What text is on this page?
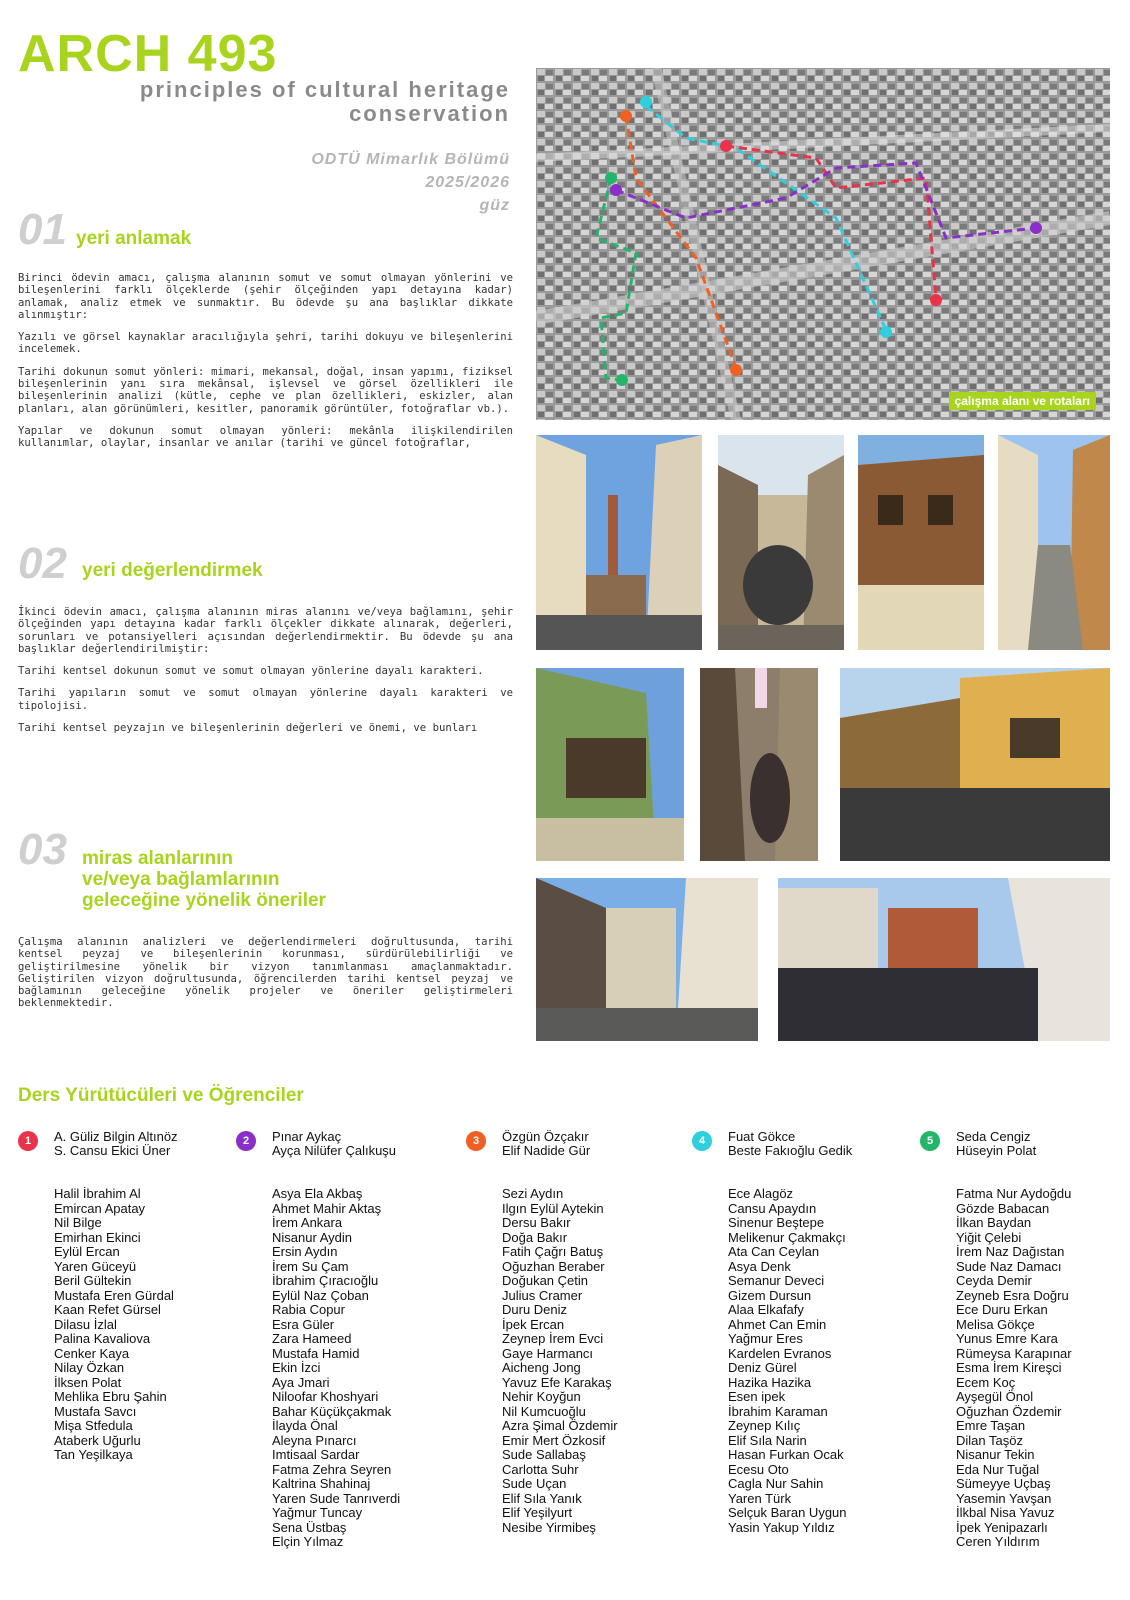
ARCH 493
principles of cultural heritage
conservation
ODTÜ Mimarlık Bölümü
2025/2026
güz
01 yeri anlamak

Birinci ödevin amacı, çalışma alanının somut ve somut olmayan yönlerini ve bileşenlerini farklı ölçeklerde (şehir ölçeğinden yapı detayına kadar) anlamak, analiz etmek ve sunmaktır. Bu ödevde şu ana başlıklar dikkate alınmıştır:

Yazılı ve görsel kaynaklar aracılığıyla şehri, tarihi dokuyu ve bileşenlerini incelemek.

Tarihi dokunun somut yönleri: mimari, mekansal, doğal, insan yapımı, fiziksel bileşenlerinin yanı sıra mekânsal, işlevsel ve görsel özellikleri ile bileşenlerinin analizi (kütle, cephe ve plan özellikleri, eskizler, alan planları, alan görünümleri, kesitler, panoramik görüntüler, fotoğraflar vb.).

Yapılar ve dokunun somut olmayan yönleri: mekânla ilişkilendirilen kullanımlar, olaylar, insanlar ve anılar (tarihi ve güncel fotoğraflar,

02 yeri değerlendirmek

İkinci ödevin amacı, çalışma alanının miras alanını ve/veya bağlamını, şehir ölçeğinden yapı detayına kadar farklı ölçekler dikkate alınarak, değerleri, sorunları ve potansiyelleri açısından değerlendirmektir. Bu ödevde şu ana başlıklar değerlendirilmiştir:

Tarihi kentsel dokunun somut ve somut olmayan yönlerine dayalı karakteri.

Tarihi yapıların somut ve somut olmayan yönlerine dayalı karakteri ve tipolojisi.

Tarihi kentsel peyzajın ve bileşenlerinin değerleri ve önemi, ve bunları

03 miras alanlarının
ve/veya bağlamlarının
geleceğine yönelik öneriler

Çalışma alanının analizleri ve değerlendirmeleri doğrultusunda, tarihi kentsel peyzaj ve bileşenlerinin korunması, sürdürülebilirliği ve geliştirilmesine yönelik bir vizyon tanımlanması amaçlanmaktadır. Geliştirilen vizyon doğrultusunda, öğrencilerden tarihi kentsel peyzaj ve bağlamının geleceğine yönelik projeler ve öneriler geliştirmeleri beklenmektedir.

çalışma alanı ve rotaları
Ders Yürütücüleri ve Öğrenciler
1	A. Güliz Bilgin Altınöz
S. Cansu Ekici Üner
Halil İbrahim Al
Emircan Apatay
Nil Bilge
Emirhan Ekinci
Eylül Ercan
Yaren Güceyü
Beril Gültekin
Mustafa Eren Gürdal
Kaan Refet Gürsel
Dilasu İzlal
Palina Kavaliova
Cenker Kaya
Nilay Özkan
İlksen Polat
Mehlika Ebru Şahin
Mustafa Savcı
Mişa Stfedula
Ataberk Uğurlu
Tan Yeşilkaya
2	Pınar Aykaç
Ayça Nilüfer Çalıkuşu
Asya Ela Akbaş
Ahmet Mahir Aktaş
İrem Ankara
Nisanur Aydin
Ersin Aydın
İrem Su Çam
İbrahim Çıracıoğlu
Eylül Naz Çoban
Rabia Copur
Esra Güler
Zara Hameed
Mustafa Hamid
Ekin İzci
Aya Jmari
Niloofar Khoshyari
Bahar Küçükçakmak
İlayda Önal
Aleyna Pınarcı
Imtisaal Sardar
Fatma Zehra Seyren
Kaltrina Shahinaj
Yaren Sude Tanrıverdi
Yağmur Tuncay
Sena Üstbaş
Elçin Yılmaz
3	Özgün Özçakır
Elif Nadide Gür
Sezi Aydın
Ilgın Eylül Aytekin
Dersu Bakır
Doğa Bakır
Fatih Çağrı Batuş
Oğuzhan Beraber
Doğukan Çetin
Julius Cramer
Duru Deniz
İpek Ercan
Zeynep İrem Evci
Gaye Harmancı
Aicheng Jong
Yavuz Efe Karakaş
Nehir Koyğun
Nil Kumcuoğlu
Azra Şimal Özdemir
Emir Mert Özkosif
Sude Sallabaş
Carlotta Suhr
Sude Uçan
Elif Sıla Yanık
Elif Yeşilyurt
Nesibe Yirmibeş
4	Fuat Gökce
Beste Fakıoğlu Gedik
Ece Alagöz
Cansu Apaydın
Sinenur Beştepe
Melikenur Çakmakçı
Ata Can Ceylan
Asya Denk
Semanur Deveci
Gizem Dursun
Alaa Elkafafy
Ahmet Can Emin
Yağmur Eres
Kardelen Evranos
Deniz Gürel
Hazika Hazika
Esen ipek
İbrahim Karaman
Zeynep Kılıç
Elif Sıla Narin
Hasan Furkan Ocak
Ecesu Oto
Cagla Nur Sahin
Yaren Türk
Selçuk Baran Uygun
Yasin Yakup Yıldız
5	Seda Cengiz
Hüseyin Polat
Fatma Nur Aydoğdu
Gözde Babacan
İlkan Baydan
Yiğit Çelebi
İrem Naz Dağıstan
Sude Naz Damacı
Ceyda Demir
Zeyneb Esra Doğru
Ece Duru Erkan
Melisa Gökçe
Yunus Emre Kara
Rümeysa Karapınar
Esma İrem Kireşci
Ecem Koç
Ayşegül Önol
Oğuzhan Özdemir
Emre Taşan
Dilan Taşöz
Nisanur Tekin
Eda Nur Tuğal
Sümeyye Uçbaş
Yasemin Yavşan
İlkbal Nisa Yavuz
İpek Yenipazarlı
Ceren Yıldırım
